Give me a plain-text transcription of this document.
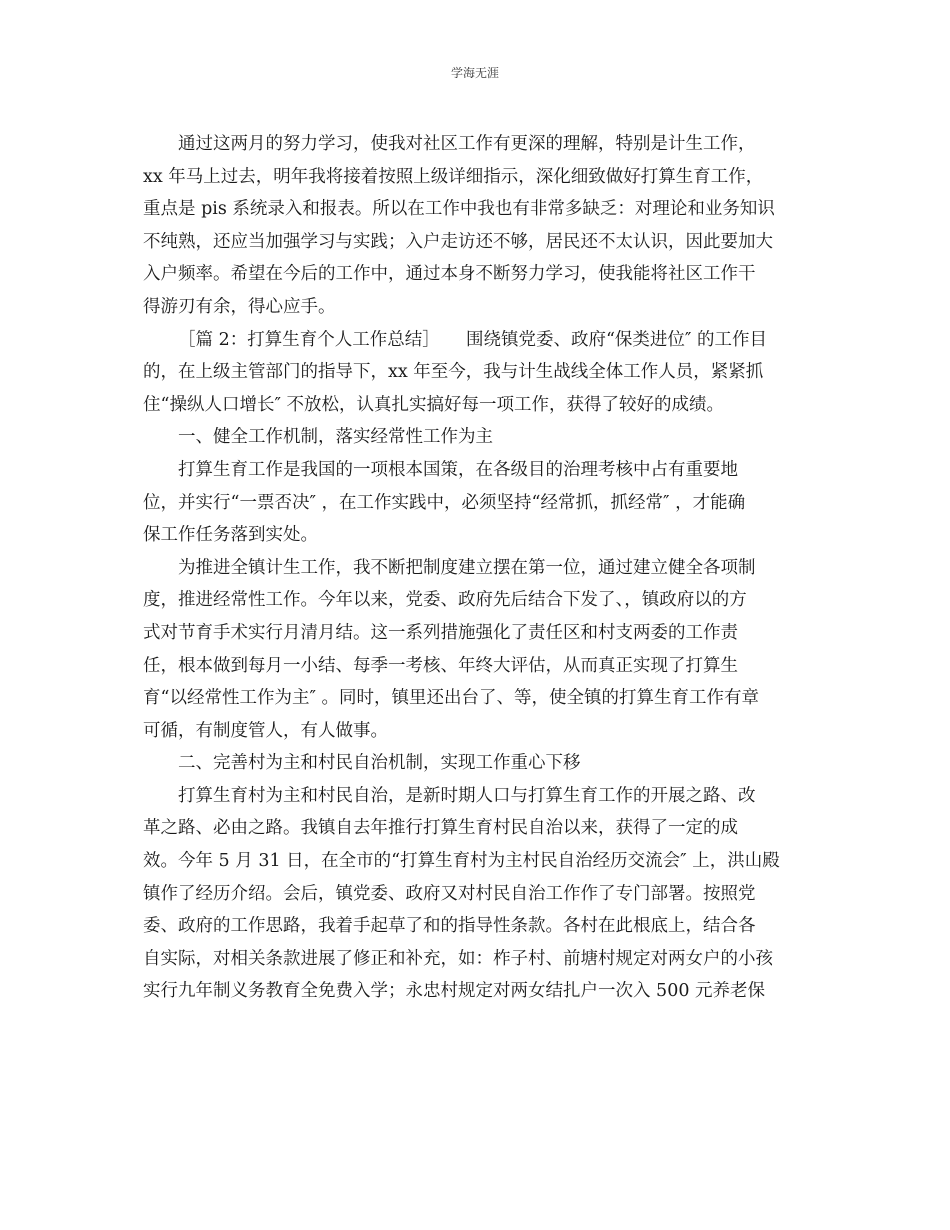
学海无涯
通过这两月的努力学习，使我对社区工作有更深的理解，特别是计生工作，
xx 年马上过去，明年我将接着按照上级详细指示，深化细致做好打算生育工作，
重点是 pis 系统录入和报表。所以在工作中我也有非常多缺乏：对理论和业务知识
不纯熟，还应当加强学习与实践；入户走访还不够，居民还不太认识，因此要加大
入户频率。希望在今后的工作中，通过本身不断努力学习，使我能将社区工作干
得游刃有余，得心应手。
［篇 2：打算生育个人工作总结］　　围绕镇党委、政府“保类进位″ 的工作目
的，在上级主管部门的指导下，xx 年至今，我与计生战线全体工作人员，紧紧抓
住“操纵人口增长″ 不放松，认真扎实搞好每一项工作，获得了较好的成绩。
一、健全工作机制，落实经常性工作为主
打算生育工作是我国的一项根本国策，在各级目的治理考核中占有重要地
位，并实行“一票否决″ ，在工作实践中，必须坚持“经常抓，抓经常″ ，才能确
保工作任务落到实处。
为推进全镇计生工作，我不断把制度建立摆在第一位，通过建立健全各项制
度，推进经常性工作。今年以来，党委、政府先后结合下发了、，镇政府以的方
式对节育手术实行月清月结。这一系列措施强化了责任区和村支两委的工作责
任，根本做到每月一小结、每季一考核、年终大评估，从而真正实现了打算生
育“以经常性工作为主″ 。同时，镇里还出台了、等，使全镇的打算生育工作有章
可循，有制度管人，有人做事。
二、完善村为主和村民自治机制，实现工作重心下移
打算生育村为主和村民自治，是新时期人口与打算生育工作的开展之路、改
革之路、必由之路。我镇自去年推行打算生育村民自治以来，获得了一定的成
效。今年 5 月 31 日，在全市的“打算生育村为主村民自治经历交流会″ 上，洪山殿
镇作了经历介绍。会后，镇党委、政府又对村民自治工作作了专门部署。按照党
委、政府的工作思路，我着手起草了和的指导性条款。各村在此根底上，结合各
自实际，对相关条款进展了修正和补充，如：柞子村、前塘村规定对两女户的小孩
实行九年制义务教育全免费入学；永忠村规定对两女结扎户一次入 500 元养老保
